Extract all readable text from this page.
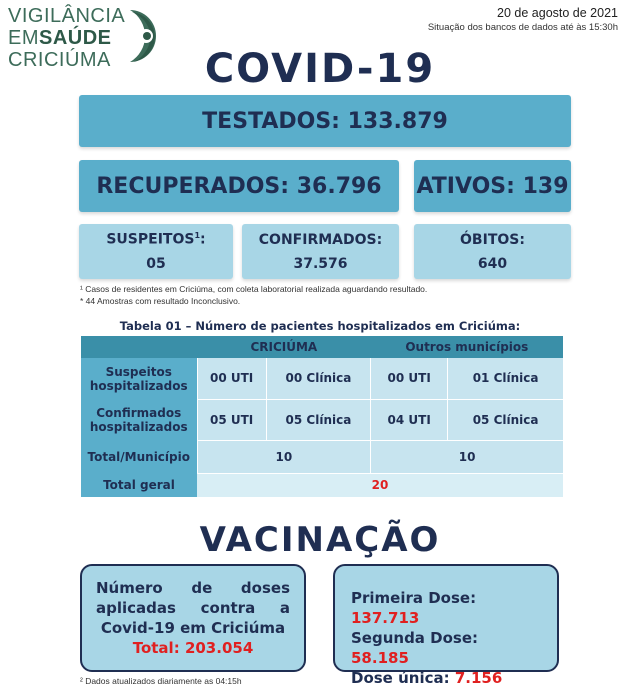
VIGILÂNCIA
EMSAÚDE
CRICIÚMA
20 de agosto de 2021
Situação dos bancos de dados até às 15:30h
COVID-19
TESTADOS: 133.879
RECUPERADOS: 36.796 ATIVOS: 139
SUSPEITOS$^1$:
05
CONFIRMADOS:
37.576
ÓBITOS:
640
¹ Casos de residentes em Criciúma, com coleta laboratorial realizada aguardando resultado.
* 44 Amostras com resultado Inconclusivo.
Tabela 01 – Número de pacientes hospitalizados em Criciúma:
	CRICIÚMA		Outros municípios	
Suspeitos hospitalizados	00 UTI	00 Clínica	00 UTI	01 Clínica
Confirmados hospitalizados	05 UTI	05 Clínica	04 UTI	05 Clínica
Total/Município	10		10	
Total geral	20			
VACINAÇÃO
Número de doses aplicadas contra a Covid-19 em Criciúma
Total: 203.054
Primeira Dose: 137.713
Segunda Dose: 58.185
Dose única: 7.156
² Dados atualizados diariamente as 04:15h
